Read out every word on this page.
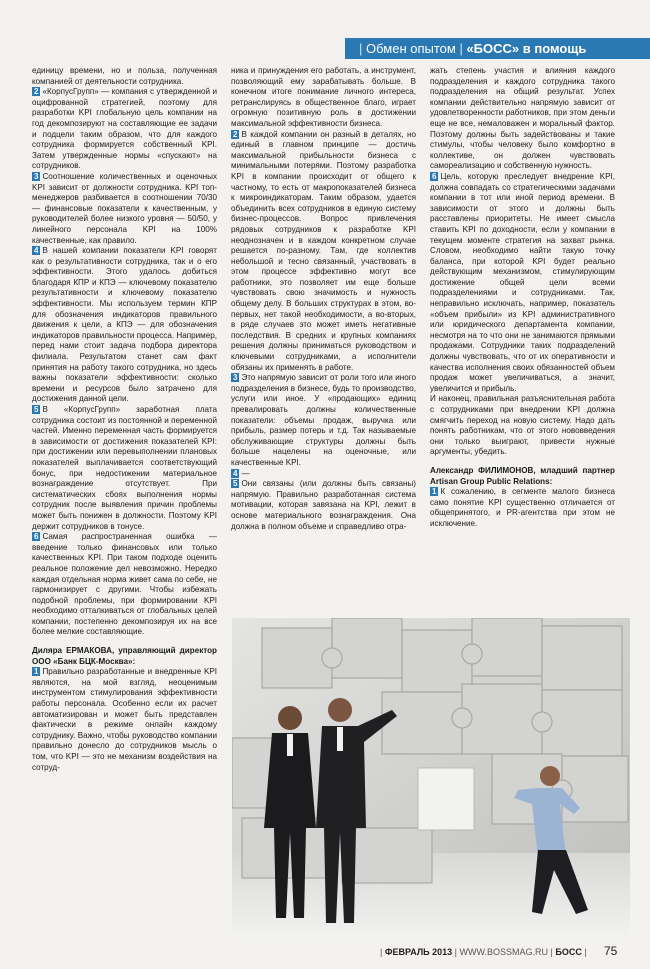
| Обмен опытом | «БОСС» в помощь

единицу времени, но и польза, полученная компанией от деятельности сотрудника.

2 «КорпусГрупп» — компания с утвержденной и оцифрованной стратегией, поэтому для разработки KPI глобальную цель компании на год декомпозируют на составляющие ее задачи и подцели таким образом, что для каждого сотрудника формируется собственный KPI. Затем утвержденные нормы «спускают» на сотрудников.

3 Соотношение количественных и оценочных KPI зависит от должности сотрудника. KPI топ-менеджеров разбивается в соотношении 70/30 — финансовые показатели к качественным, у руководителей более низкого уровня — 50/50, у линейного персонала KPI на 100% качественные, как правило.

4 В нашей компании показатели KPI говорят как о результативности сотрудника, так и о его эффективности. Этого удалось добиться благодаря КПР и КПЭ — ключевому показателю результативности и ключевому показателю эффективности. Мы используем термин КПР для обозначения индикаторов правильного движения к цели, а КПЭ — для обозначения индикаторов правильности процесса. Например, перед нами стоит задача подбора директора филиала. Результатом станет сам факт принятия на работу такого сотрудника, но здесь важны показатели эффективности: сколько времени и ресурсов было затрачено для достижения данной цели.

5 В «КорпусГрупп» заработная плата сотрудника состоит из постоянной и переменной частей. Именно переменная часть формируется в зависимости от достижения показателей KPI: при достижении или перевыполнении плановых показателей выплачивается соответствующий бонус, при недостижении материальное вознаграждение отсутствует. При систематических сбоях выполнения нормы сотрудник после выявления причин проблемы может быть понижен в должности. Поэтому KPI держит сотрудников в тонусе.

6 Самая распространенная ошибка — введение только финансовых или только качественных KPI. При таком подходе оценить реальное положение дел невозможно. Нередко каждая отдельная норма живет сама по себе, не гармонизирует с другими. Чтобы избежать подобной проблемы, при формировании KPI необходимо отталкиваться от глобальных целей компании, постепенно декомпозируя их на все более мелкие составляющие.

Диляра ЕРМАКОВА, управляющий директор ООО «Банк БЦК-Москва»:

1 Правильно разработанные и внедренные KPI являются, на мой взгляд, неоценимым инструментом стимулирования эффективности работы персонала. Особенно если их расчет автоматизирован и может быть представлен фактически в режиме онлайн каждому сотруднику. Важно, чтобы руководство компании правильно донесло до сотрудников мысль о том, что KPI — это не механизм воздействия на сотруд-

ника и принуждения его работать, а инструмент, позволяющий ему зарабатывать больше. В конечном итоге понимание личного интереса, ретранслируясь в общественное благо, играет огромную позитивную роль в достижении максимальной эффективности бизнеса.

2 В каждой компании он разный в деталях, но единый в главном принципе — достичь максимальной прибыльности бизнеса с минимальными потерями. Поэтому разработка KPI в компании происходит от общего к частному, то есть от макропоказателей бизнеса к микроиндикаторам. Таким образом, удается объединить всех сотрудников в единую систему бизнес-процессов. Вопрос привлечения рядовых сотрудников к разработке KPI неоднозначен и в каждом конкретном случае решается по-разному. Там, где коллектив небольшой и тесно связанный, участвовать в этом процессе эффективно могут все работники, это позволяет им еще больше чувствовать свою значимость и нужность общему делу. В больших структурах в этом, во-первых, нет такой необходимости, а во-вторых, в ряде случаев это может иметь негативные последствия. В средних и крупных компаниях решения должны приниматься руководством и ключевыми сотрудниками, а исполнители обязаны их применять в работе.

3 Это напрямую зависит от роли того или иного подразделения в бизнесе, будь то производство, услуги или иное. У «продающих» единиц превалировать должны количественные показатели: объемы продаж, выручка или прибыль, размер потерь и т.д. Так называемые обслуживающие структуры должны быть больше нацелены на оценочные, или качественные KPI.

4 —

5 Они связаны (или должны быть связаны) напрямую. Правильно разработанная система мотивации, которая завязана на KPI, лежит в основе материального вознаграждения. Она должна в полном объеме и справедливо отра-

жать степень участия и влияния каждого подразделения и каждого сотрудника такого подразделения на общий результат. Успех компании действительно напрямую зависит от удовлетворенности работников, при этом деньги еще не все, немаловажен и моральный фактор. Поэтому должны быть задействованы и такие стимулы, чтобы человеку было комфортно в коллективе, он должен чувствовать самореализацию и собственную нужность.

6 Цель, которую преследует внедрение KPI, должна совпадать со стратегическими задачами компании в тот или иной период времени. В зависимости от этого и должны быть расставлены приоритеты. Не имеет смысла ставить KPI по доходности, если у компании в текущем моменте стратегия на захват рынка. Словом, необходимо найти такую точку баланса, при которой KPI будет реально действующим механизмом, стимулирующим достижение общей цели всеми подразделениями и сотрудниками. Так, неправильно исключать, например, показатель «объем прибыли» из KPI административного или юридического департамента компании, несмотря на то что они не занимаются прямыми продажами. Сотрудники таких подразделений должны чувствовать, что от их оперативности и качества исполнения своих обязанностей объем продаж может увеличиваться, а значит, увеличится и прибыль.

И наконец, правильная разъяснительная работа с сотрудниками при внедрении KPI должна смягчить переход на новую систему. Надо дать понять работникам, что от этого нововведения они только выиграют, привести нужные аргументы, убедить.

Александр ФИЛИМОНОВ, младший партнер Artisan Group Public Relations:

1 К сожалению, в сегменте малого бизнеса само понятие KPI существенно отличается от общепринятого, и PR-агентства при этом не исключение.

| ФЕВРАЛЬ 2013 | WWW.BOSSMAG.RU | БОСС | 75
